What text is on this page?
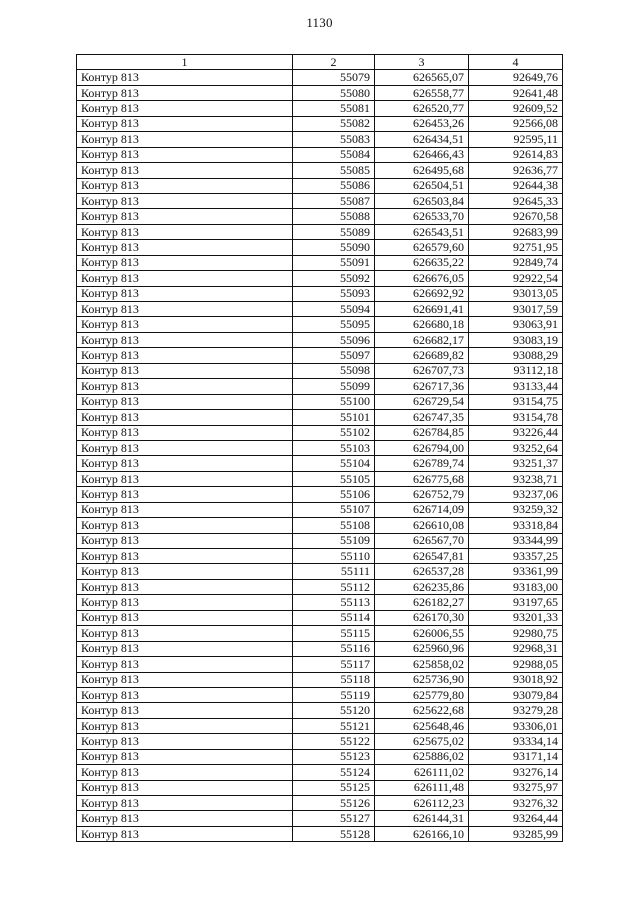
1130
1	2	3	4
Контур 813	55079	626565,07	92649,76
Контур 813	55080	626558,77	92641,48
Контур 813	55081	626520,77	92609,52
Контур 813	55082	626453,26	92566,08
Контур 813	55083	626434,51	92595,11
Контур 813	55084	626466,43	92614,83
Контур 813	55085	626495,68	92636,77
Контур 813	55086	626504,51	92644,38
Контур 813	55087	626503,84	92645,33
Контур 813	55088	626533,70	92670,58
Контур 813	55089	626543,51	92683,99
Контур 813	55090	626579,60	92751,95
Контур 813	55091	626635,22	92849,74
Контур 813	55092	626676,05	92922,54
Контур 813	55093	626692,92	93013,05
Контур 813	55094	626691,41	93017,59
Контур 813	55095	626680,18	93063,91
Контур 813	55096	626682,17	93083,19
Контур 813	55097	626689,82	93088,29
Контур 813	55098	626707,73	93112,18
Контур 813	55099	626717,36	93133,44
Контур 813	55100	626729,54	93154,75
Контур 813	55101	626747,35	93154,78
Контур 813	55102	626784,85	93226,44
Контур 813	55103	626794,00	93252,64
Контур 813	55104	626789,74	93251,37
Контур 813	55105	626775,68	93238,71
Контур 813	55106	626752,79	93237,06
Контур 813	55107	626714,09	93259,32
Контур 813	55108	626610,08	93318,84
Контур 813	55109	626567,70	93344,99
Контур 813	55110	626547,81	93357,25
Контур 813	55111	626537,28	93361,99
Контур 813	55112	626235,86	93183,00
Контур 813	55113	626182,27	93197,65
Контур 813	55114	626170,30	93201,33
Контур 813	55115	626006,55	92980,75
Контур 813	55116	625960,96	92968,31
Контур 813	55117	625858,02	92988,05
Контур 813	55118	625736,90	93018,92
Контур 813	55119	625779,80	93079,84
Контур 813	55120	625622,68	93279,28
Контур 813	55121	625648,46	93306,01
Контур 813	55122	625675,02	93334,14
Контур 813	55123	625886,02	93171,14
Контур 813	55124	626111,02	93276,14
Контур 813	55125	626111,48	93275,97
Контур 813	55126	626112,23	93276,32
Контур 813	55127	626144,31	93264,44
Контур 813	55128	626166,10	93285,99
